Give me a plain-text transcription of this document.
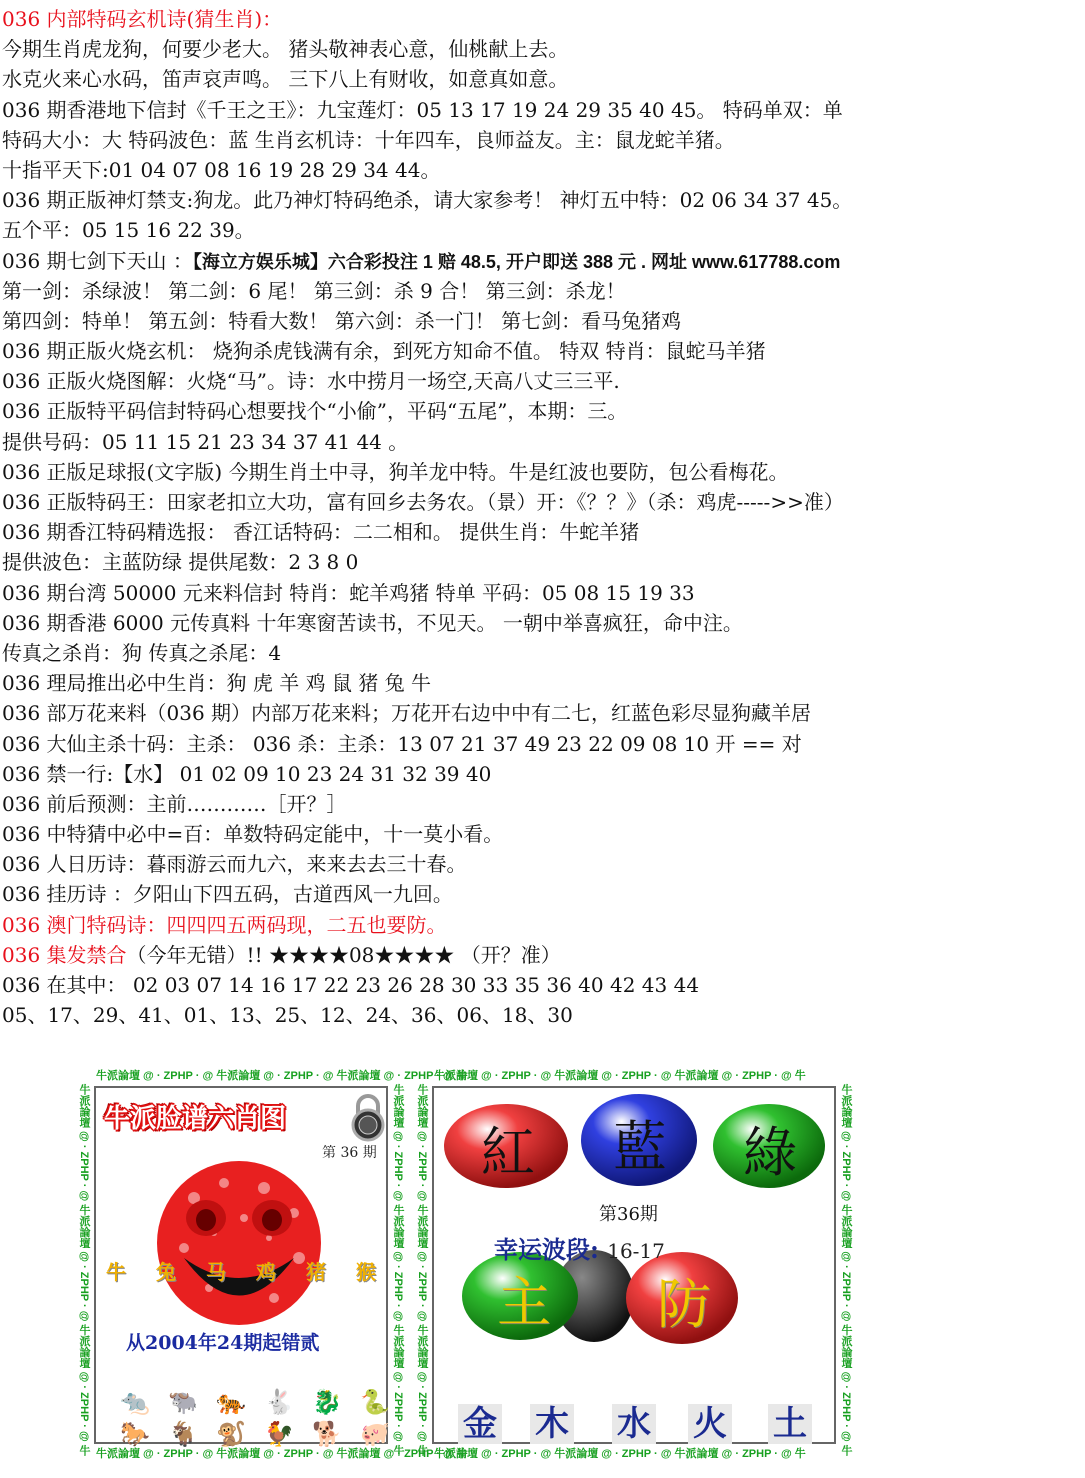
036 内部特码玄机诗(猜生肖)：
今期生肖虎龙狗，何要少老大。 猪头敬神表心意，仙桃献上去。
水克火来心水码，笛声哀声鸣。 三下八上有财收，如意真如意。
036 期香港地下信封《千王之王》：九宝莲灯：05 13 17 19 24 29 35 40 45。 特码单双：单
特码大小：大 特码波色：蓝 生肖玄机诗：十年四车，良师益友。主：鼠龙蛇羊猪。
十指平天下:01 04 07 08 16 19 28 29 34 44。
036 期正版神灯禁支:狗龙。此乃神灯特码绝杀，请大家参考！ 神灯五中特：02 06 34 37 45。
五个平：05 15 16 22 39。
036 期七剑下天山 ：【海立方娱乐城】六合彩投注 1 赔 48.5, 开户即送 388 元 . 网址 www.617788.com
第一剑：杀绿波！ 第二剑：6 尾！ 第三剑：杀 9 合！ 第三剑：杀龙！
第四剑：特单！ 第五剑：特看大数！ 第六剑：杀一门！ 第七剑：看马兔猪鸡
036 期正版火烧玄机： 烧狗杀虎钱满有余，到死方知命不值。 特双 特肖：鼠蛇马羊猪
036 正版火烧图解：火烧“马”。诗：水中捞月一场空,天高八丈三三平.
036 正版特平码信封特码心想要找个“小偷”，平码“五尾”，本期：三。
提供号码：05 11 15 21 23 34 37 41 44 。
036 正版足球报(文字版) 今期生肖土中寻，狗羊龙中特。牛是红波也要防，包公看梅花。
036 正版特码王：田家老扣立大功，富有回乡去务农。（景）开：《？？》（杀：鸡虎----->>准）
036 期香江特码精选报： 香江话特码：二二相和。 提供生肖：牛蛇羊猪
提供波色：主蓝防绿 提供尾数：2 3 8 0
036 期台湾 50000 元来料信封 特肖：蛇羊鸡猪 特单 平码：05 08 15 19 33
036 期香港 6000 元传真料 十年寒窗苦读书，不见天。 一朝中举喜疯狂，命中注。
传真之杀肖：狗 传真之杀尾：4
036 理局推出必中生肖：狗 虎 羊 鸡 鼠 猪 兔 牛
036 部万花来料（036 期）内部万花来料；万花开右边中中有二七，红蓝色彩尽显狗藏羊居
036 大仙主杀十码：主杀： 036 杀：主杀：13 07 21 37 49 23 22 09 08 10 开 == 对
036 禁一行:【水】 01 02 09 10 23 24 31 32 39 40
036 前后预测：主前…………［开？］
036 中特猜中必中=百：单数特码定能中，十一莫小看。
036 人日历诗：暮雨游云而九六，来来去去三十春。
036 挂历诗 ：夕阳山下四五码，古道西风一九回。
036 澳门特码诗：四四四五两码现，二五也要防。
036 集发禁合（今年无错）!! ★★★★08★★★★ （开？准）
036 在其中： 02 03 07 14 16 17 22 23 26 28 30 33 35 36 40 42 43 44
05、17、29、41、01、13、25、12、24、36、06、18、30
牛派論壇 @ · ZPHP · @ 牛派論壇 @ · ZPHP · @ 牛派論壇 @ · ZPHP · @ 牛
牛派論壇 @ · ZPHP · @ 牛派論壇 @ · ZPHP · @ 牛派論壇 @ · ZPHP · @ 牛
牛派論壇 @ · ZPHP · @ 牛派論壇 @ · ZPHP · @ 牛派論壇 @ · ZPHP · @ 牛	牛派論壇 @ · ZPHP · @ 牛派論壇 @ · ZPHP · @ 牛派論壇 @ · ZPHP · @ 牛
牛派脸谱六肖图
第 36 期
牛 兔 马 鸡 猪 猴
从2004年24期起错贰
🐀 🐃 🐅 🐇 🐉 🐍
🐎 🐐 🐒 🐓 🐕 🐖
牛派論壇 @ · ZPHP · @ 牛派論壇 @ · ZPHP · @ 牛派論壇 @ · ZPHP · @ 牛
牛派論壇 @ · ZPHP · @ 牛派論壇 @ · ZPHP · @ 牛派論壇 @ · ZPHP · @ 牛
牛派論壇 @ · ZPHP · @ 牛派論壇 @ · ZPHP · @ 牛派論壇 @ · ZPHP · @ 牛	牛派論壇 @ · ZPHP · @ 牛派論壇 @ · ZPHP · @ 牛派論壇 @ · ZPHP · @ 牛
紅 藍 綠
第36期
幸运波段: 16-17
主 防
金 木 水 火 土
